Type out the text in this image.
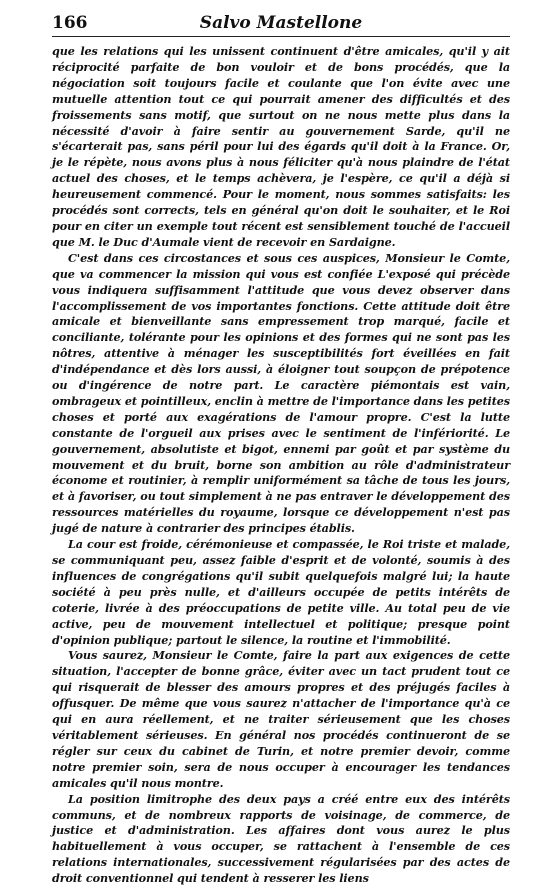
166	Salvo Mastellone

que les relations qui les unissent continuent d'être amicales, qu'il y ait réciprocité parfaite de bon vouloir et de bons procédés, que la négociation soit toujours facile et coulante que l'on évite avec une mutuelle attention tout ce qui pourrait amener des difficultés et des froissements sans motif, que surtout on ne nous mette plus dans la nécessité d'avoir à faire sentir au gouvernement Sarde, qu'il ne s'écarterait pas, sans péril pour lui des égards qu'il doit à la France. Or, je le répète, nous avons plus à nous féliciter qu'à nous plaindre de l'état actuel des choses, et le temps achèvera, je l'espère, ce qu'il a déjà si heureusement commencé. Pour le moment, nous sommes satisfaits: les procédés sont corrects, tels en général qu'on doit le souhaiter, et le Roi pour en citer un exemple tout récent est sensiblement touché de l'accueil que M. le Duc d'Aumale vient de recevoir en Sardaigne.

C'est dans ces circostances et sous ces auspices, Monsieur le Comte, que va commencer la mission qui vous est confiée L'exposé qui précède vous indiquera suffisamment l'attitude que vous devez observer dans l'accomplissement de vos importantes fonctions. Cette attitude doit être amicale et bienveillante sans empressement trop marqué, facile et conciliante, tolérante pour les opinions et des formes qui ne sont pas les nôtres, attentive à ménager les susceptibilités fort éveillées en fait d'indépendance et dès lors aussi, à éloigner tout soupçon de prépotence ou d'ingérence de notre part. Le caractère piémontais est vain, ombrageux et pointilleux, enclin à mettre de l'importance dans les petites choses et porté aux exagérations de l'amour propre. C'est la lutte constante de l'orgueil aux prises avec le sentiment de l'infériorité. Le gouvernement, absolutiste et bigot, ennemi par goût et par système du mouvement et du bruit, borne son ambition au rôle d'administrateur économe et routinier, à remplir uniformément sa tâche de tous les jours, et à favoriser, ou tout simplement à ne pas entraver le développement des ressources matérielles du royaume, lorsque ce développement n'est pas jugé de nature à contrarier des principes établis.

La cour est froide, cérémonieuse et compassée, le Roi triste et malade, se communiquant peu, assez faible d'esprit et de volonté, soumis à des influences de congrégations qu'il subit quelquefois malgré lui; la haute société à peu près nulle, et d'ailleurs occupée de petits intérêts de coterie, livrée à des préoccupations de petite ville. Au total peu de vie active, peu de mouvement intellectuel et politique; presque point d'opinion publique; partout le silence, la routine et l'immobilité.

Vous saurez, Monsieur le Comte, faire la part aux exigences de cette situation, l'accepter de bonne grâce, éviter avec un tact prudent tout ce qui risquerait de blesser des amours propres et des préjugés faciles à offusquer. De même que vous saurez n'attacher de l'importance qu'à ce qui en aura réellement, et ne traiter sérieusement que les choses véritablement sérieuses. En général nos procédés continueront de se régler sur ceux du cabinet de Turin, et notre premier devoir, comme notre premier soin, sera de nous occuper à encourager les tendances amicales qu'il nous montre.

La position limitrophe des deux pays a créé entre eux des intérêts communs, et de nombreux rapports de voisinage, de commerce, de justice et d'administration. Les affaires dont vous aurez le plus habituellement à vous occuper, se rattachent à l'ensemble de ces relations internationales, successivement régularisées par des actes de droit conventionnel qui tendent à resserer les liens
